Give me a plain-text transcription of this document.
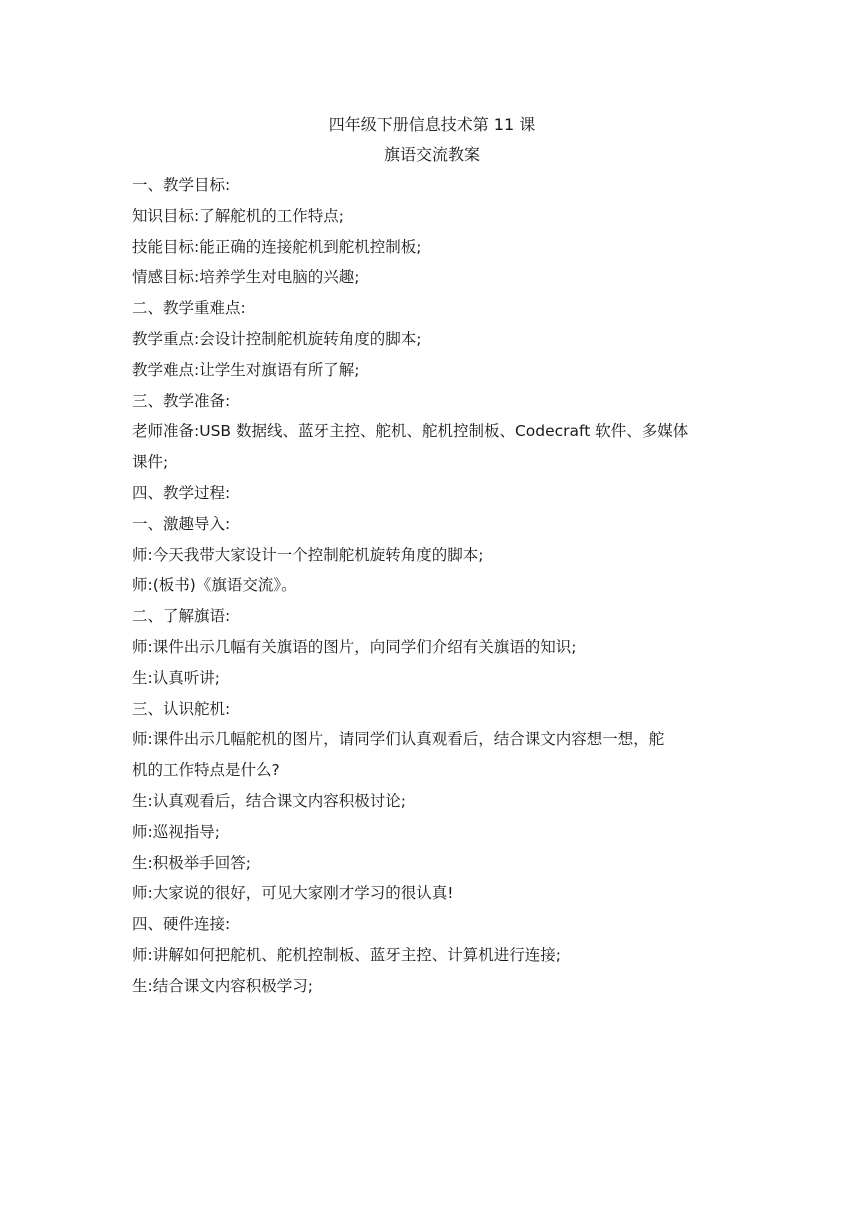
四年级下册信息技术第 11 课
旗语交流教案
一、教学目标:
知识目标:了解舵机的工作特点;
技能目标:能正确的连接舵机到舵机控制板;
情感目标:培养学生对电脑的兴趣;
二、教学重难点:
教学重点:会设计控制舵机旋转角度的脚本;
教学难点:让学生对旗语有所了解;
三、教学准备:
老师准备:USB 数据线、蓝牙主控、舵机、舵机控制板、Codecraft 软件、多媒体
课件;
四、教学过程:
一、激趣导入:
师:今天我带大家设计一个控制舵机旋转角度的脚本;
师:(板书)《旗语交流》。
二、了解旗语:
师:课件出示几幅有关旗语的图片，向同学们介绍有关旗语的知识;
生:认真听讲;
三、认识舵机:
师:课件出示几幅舵机的图片，请同学们认真观看后，结合课文内容想一想，舵
机的工作特点是什么?
生:认真观看后，结合课文内容积极讨论;
师:巡视指导;
生:积极举手回答;
师:大家说的很好，可见大家刚才学习的很认真!
四、硬件连接:
师:讲解如何把舵机、舵机控制板、蓝牙主控、计算机进行连接;
生:结合课文内容积极学习;
